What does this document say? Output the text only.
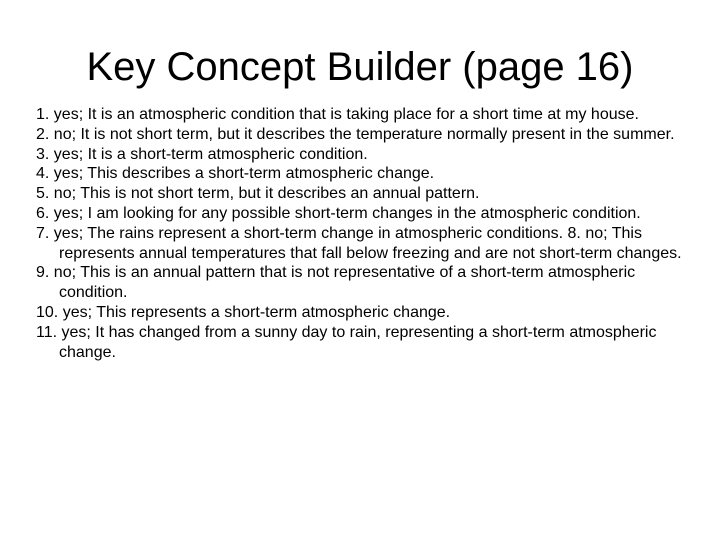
Key Concept Builder (page 16)
1. yes; It is an atmospheric condition that is taking place for a short time at my house.
2. no; It is not short term, but it describes the temperature normally present in the summer.
3. yes; It is a short-term atmospheric condition.
4. yes; This describes a short-term atmospheric change.
5. no; This is not short term, but it describes an annual pattern.
6. yes; I am looking for any possible short-term changes in the atmospheric condition.
7. yes; The rains represent a short-term change in atmospheric conditions. 8. no; This represents annual temperatures that fall below freezing and are not short-term changes.
9. no; This is an annual pattern that is not representative of a short-term atmospheric condition.
10. yes; This represents a short-term atmospheric change.
11. yes; It has changed from a sunny day to rain, representing a short-term atmospheric change.
